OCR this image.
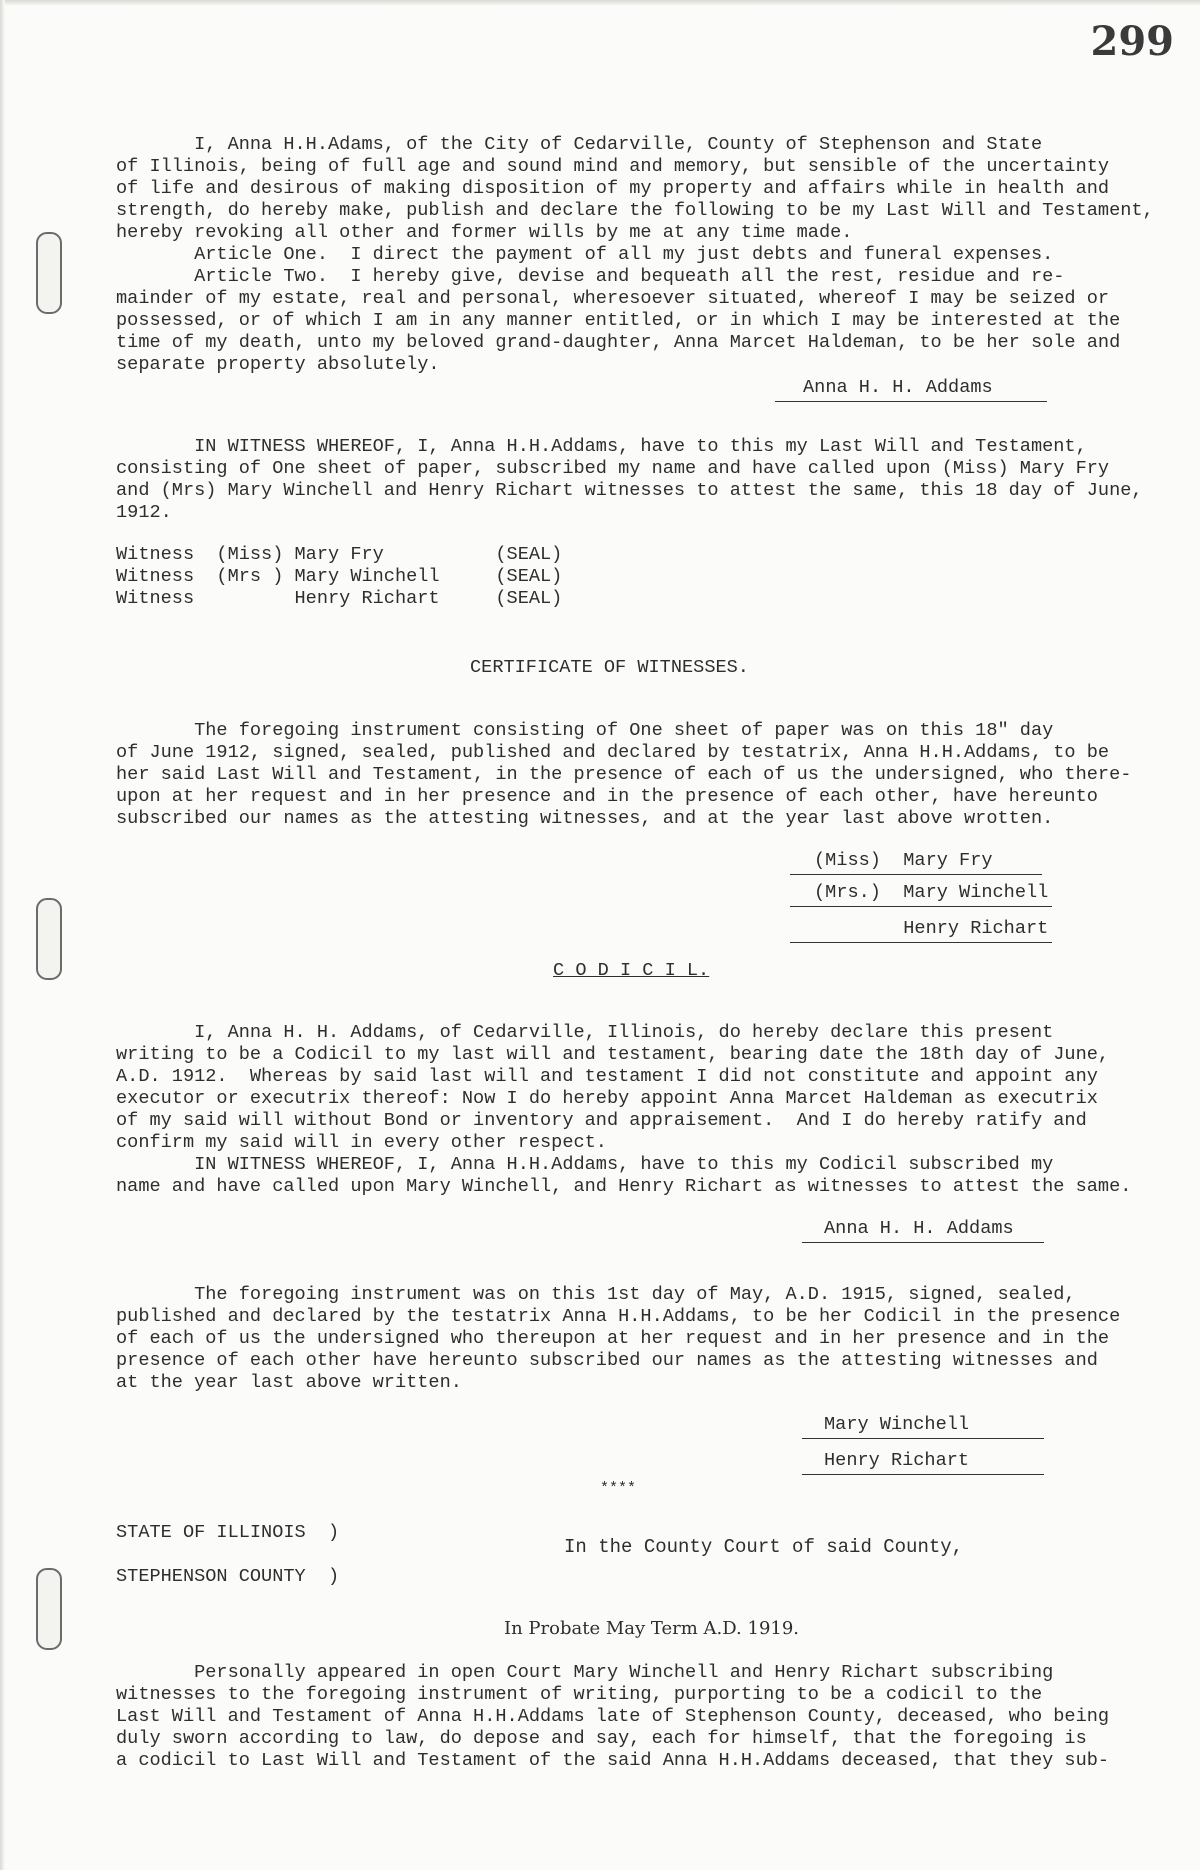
299
I, Anna H.H.Adams, of the City of Cedarville, County of Stephenson and State
of Illinois, being of full age and sound mind and memory, but sensible of the uncertainty
of life and desirous of making disposition of my property and affairs while in health and
strength, do hereby make, publish and declare the following to be my Last Will and Testament,
hereby revoking all other and former wills by me at any time made.
Article One.  I direct the payment of all my just debts and funeral expenses.
Article Two.  I hereby give, devise and bequeath all the rest, residue and re-
mainder of my estate, real and personal, wheresoever situated, whereof I may be seized or
possessed, or of which I am in any manner entitled, or in which I may be interested at the
time of my death, unto my beloved grand-daughter, Anna Marcet Haldeman, to be her sole and
separate property absolutely.
Anna H. H. Addams
IN WITNESS WHEREOF, I, Anna H.H.Addams, have to this my Last Will and Testament,
consisting of One sheet of paper, subscribed my name and have called upon (Miss) Mary Fry
and (Mrs) Mary Winchell and Henry Richart witnesses to attest the same, this 18 day of June,
1912.
Witness  (Miss) Mary Fry          (SEAL)
Witness  (Mrs ) Mary Winchell     (SEAL)
Witness         Henry Richart     (SEAL)
CERTIFICATE OF WITNESSES.
The foregoing instrument consisting of One sheet of paper was on this 18" day
of June 1912, signed, sealed, published and declared by testatrix, Anna H.H.Addams, to be
her said Last Will and Testament, in the presence of each of us the undersigned, who there-
upon at her request and in her presence and in the presence of each other, have hereunto
subscribed our names as the attesting witnesses, and at the year last above wrotten.
(Miss)  Mary Fry
(Mrs.)  Mary Winchell
Henry Richart
C O D I C I L.
I, Anna H. H. Addams, of Cedarville, Illinois, do hereby declare this present
writing to be a Codicil to my last will and testament, bearing date the 18th day of June,
A.D. 1912.  Whereas by said last will and testament I did not constitute and appoint any
executor or executrix thereof: Now I do hereby appoint Anna Marcet Haldeman as executrix
of my said will without Bond or inventory and appraisement.  And I do hereby ratify and
confirm my said will in every other respect.
IN WITNESS WHEREOF, I, Anna H.H.Addams, have to this my Codicil subscribed my
name and have called upon Mary Winchell, and Henry Richart as witnesses to attest the same.
Anna H. H. Addams
The foregoing instrument was on this 1st day of May, A.D. 1915, signed, sealed,
published and declared by the testatrix Anna H.H.Addams, to be her Codicil in the presence
of each of us the undersigned who thereupon at her request and in her presence and in the
presence of each other have hereunto subscribed our names as the attesting witnesses and
at the year last above written.
Mary Winchell
Henry Richart
****
STATE OF ILLINOIS  )
STEPHENSON COUNTY  )
In the County Court of said County,
In Probate May Term A.D. 1919.
Personally appeared in open Court Mary Winchell and Henry Richart subscribing
witnesses to the foregoing instrument of writing, purporting to be a codicil to the
Last Will and Testament of Anna H.H.Addams late of Stephenson County, deceased, who being
duly sworn according to law, do depose and say, each for himself, that the foregoing is
a codicil to Last Will and Testament of the said Anna H.H.Addams deceased, that they sub-
